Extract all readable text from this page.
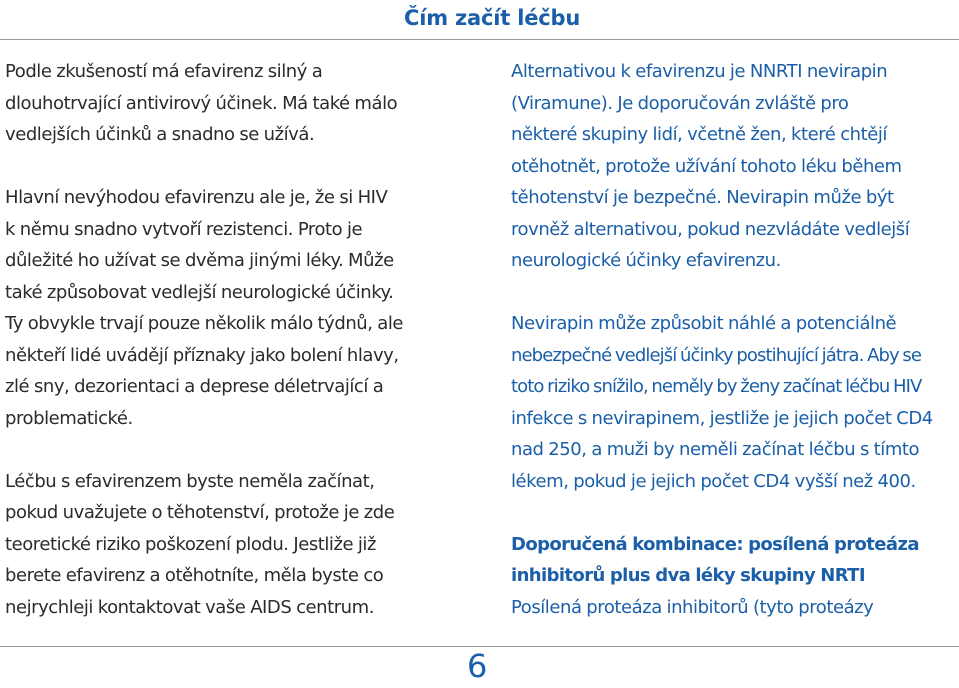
Čím začít léčbu
Podle zkušeností má efavirenz silný a
dlouhotrvající antivirový účinek. Má také málo
vedlejších účinků a snadno se užívá.
Hlavní nevýhodou efavirenzu ale je, že si HIV
k němu snadno vytvoří rezistenci. Proto je
důležité ho užívat se dvěma jinými léky. Může
také způsobovat vedlejší neurologické účinky.
Ty obvykle trvají pouze několik málo týdnů, ale
někteří lidé uvádějí příznaky jako bolení hlavy,
zlé sny, dezorientaci a deprese déletrvající a
problematické.
Léčbu s efavirenzem byste neměla začínat,
pokud uvažujete o těhotenství, protože je zde
teoretické riziko poškození plodu. Jestliže již
berete efavirenz a otěhotníte, měla byste co
nejrychleji kontaktovat vaše AIDS centrum.
Alternativou k efavirenzu je NNRTI nevirapin
(Viramune). Je doporučován zvláště pro
některé skupiny lidí, včetně žen, které chtějí
otěhotnět, protože užívání tohoto léku během
těhotenství je bezpečné. Nevirapin může být
rovněž alternativou, pokud nezvládáte vedlejší
neurologické účinky efavirenzu.
Nevirapin může způsobit náhlé a potenciálně
nebezpečné vedlejší účinky postihující játra. Aby se
toto riziko snížilo, neměly by ženy začínat léčbu HIV
infekce s nevirapinem, jestliže je jejich počet CD4
nad 250, a muži by neměli začínat léčbu s tímto
lékem, pokud je jejich počet CD4 vyšší než 400.
Doporučená kombinace: posílená proteáza
inhibitorů plus dva léky skupiny NRTI
Posílená proteáza inhibitorů (tyto proteázy
6
